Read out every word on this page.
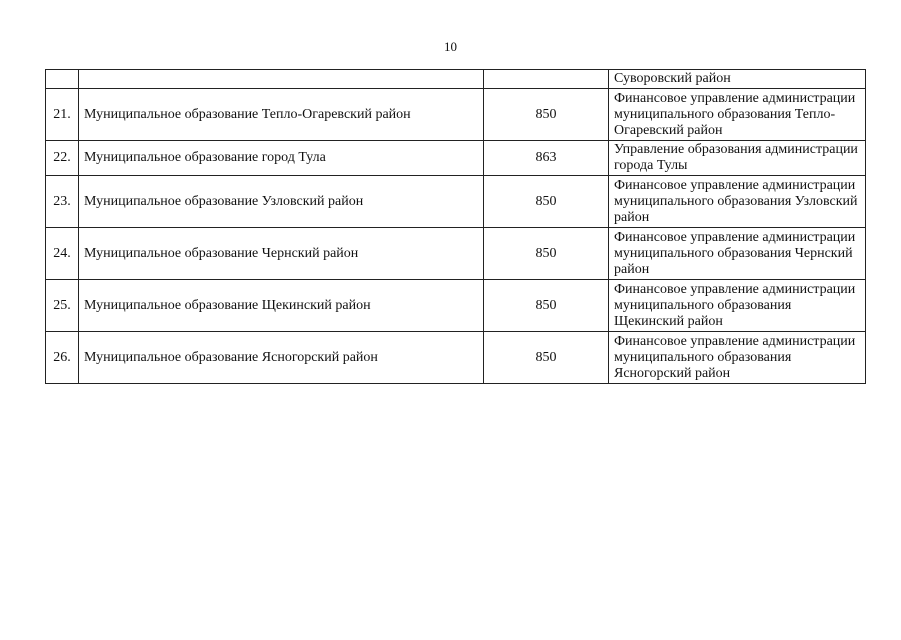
10
			Суворовский район
21.	Муниципальное образование Тепло-Огаревский район	850	Финансовое управление администрации муниципального образования Тепло-Огаревский район
22.	Муниципальное образование город Тула	863	Управление образования администрации города Тулы
23.	Муниципальное образование Узловский район	850	Финансовое управление администрации муниципального образования Узловский район
24.	Муниципальное образование Чернский район	850	Финансовое управление администрации муниципального образования Чернский район
25.	Муниципальное образование Щекинский район	850	Финансовое управление администрации муниципального образования Щекинский район
26.	Муниципальное образование Ясногорский район	850	Финансовое управление администрации муниципального образования Ясногорский район
